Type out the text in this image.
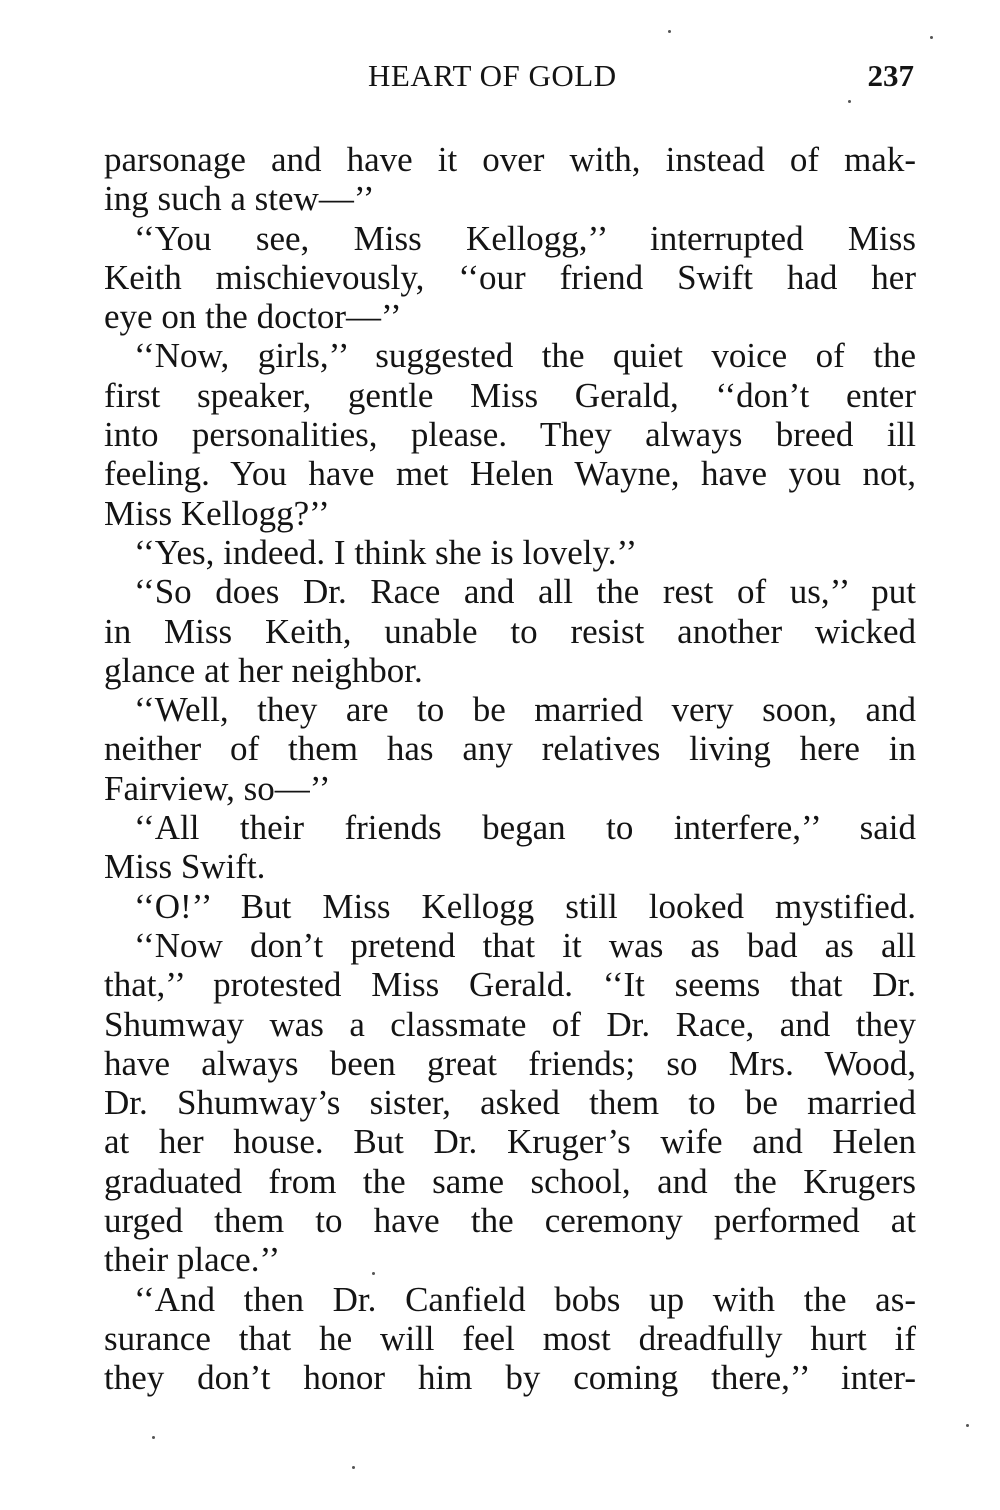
HEART OF GOLD	237
parsonage and have it over with, instead of mak-
ing such a stew—’’
‘‘You see, Miss Kellogg,’’ interrupted Miss
Keith mischievously, ‘‘our friend Swift had her
eye on the doctor—’’
‘‘Now, girls,’’ suggested the quiet voice of the
first speaker, gentle Miss Gerald, ‘‘don’t enter
into personalities, please. They always breed ill
feeling. You have met Helen Wayne, have you not,
Miss Kellogg?’’
‘‘Yes, indeed. I think she is lovely.’’
‘‘So does Dr. Race and all the rest of us,’’ put
in Miss Keith, unable to resist another wicked
glance at her neighbor.
‘‘Well, they are to be married very soon, and
neither of them has any relatives living here in
Fairview, so—’’
‘‘All their friends began to interfere,’’ said
Miss Swift.
‘‘O!’’ But Miss Kellogg still looked mystified.
‘‘Now don’t pretend that it was as bad as all
that,’’ protested Miss Gerald. ‘‘It seems that Dr.
Shumway was a classmate of Dr. Race, and they
have always been great friends; so Mrs. Wood,
Dr. Shumway’s sister, asked them to be married
at her house. But Dr. Kruger’s wife and Helen
graduated from the same school, and the Krugers
urged them to have the ceremony performed at
their place.’’
‘‘And then Dr. Canfield bobs up with the as-
surance that he will feel most dreadfully hurt if
they don’t honor him by coming there,’’ inter-
